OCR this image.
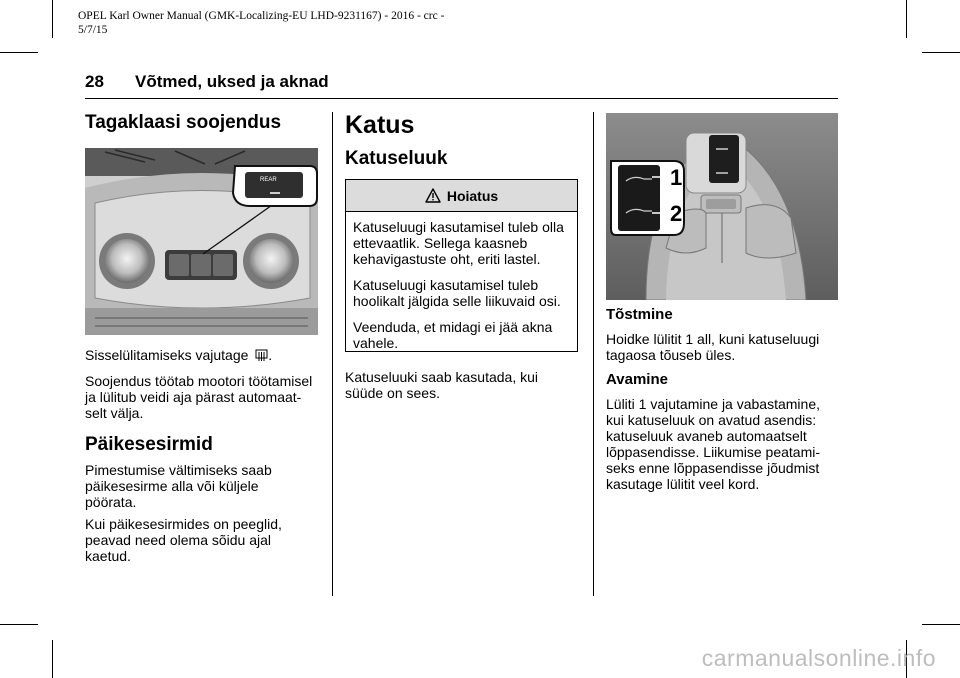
OPEL Karl Owner Manual (GMK-Localizing-EU LHD-9231167) - 2016 - crc -
5/7/15
28 Võtmed, uksed ja aknad
Tagaklaasi soojendus
REAR

Sisselülitamiseks vajutage .

Soojendus töötab mootori töötamisel
ja lülitub veidi aja pärast automaat-
selt välja.

Päikesesirmid

Pimestumise vältimiseks saab
päikesesirme alla või küljele
pöörata.

Kui päikesesirmides on peeglid,
peavad need olema sõidu ajal
kaetud.

Katus
Katuseluuk
Hoiatus

Katuseluugi kasutamisel tuleb olla
ettevaatlik. Sellega kaasneb
kehavigastuste oht, eriti lastel.

Katuseluugi kasutamisel tuleb
hoolikalt jälgida selle liikuvaid osi.

Veenduda, et midagi ei jää akna
vahele.

Katuseluuki saab kasutada, kui
süüde on sees.

1
2
Tõstmine

Hoidke lülitit 1 all, kuni katuseluugi
tagaosa tõuseb üles.

Avamine

Lüliti 1 vajutamine ja vabastamine,
kui katuseluuk on avatud asendis:
katuseluuk avaneb automaatselt
lõppasendisse. Liikumise peatami-
seks enne lõppasendisse jõudmist
kasutage lülitit veel kord.

carmanualsonline.info
